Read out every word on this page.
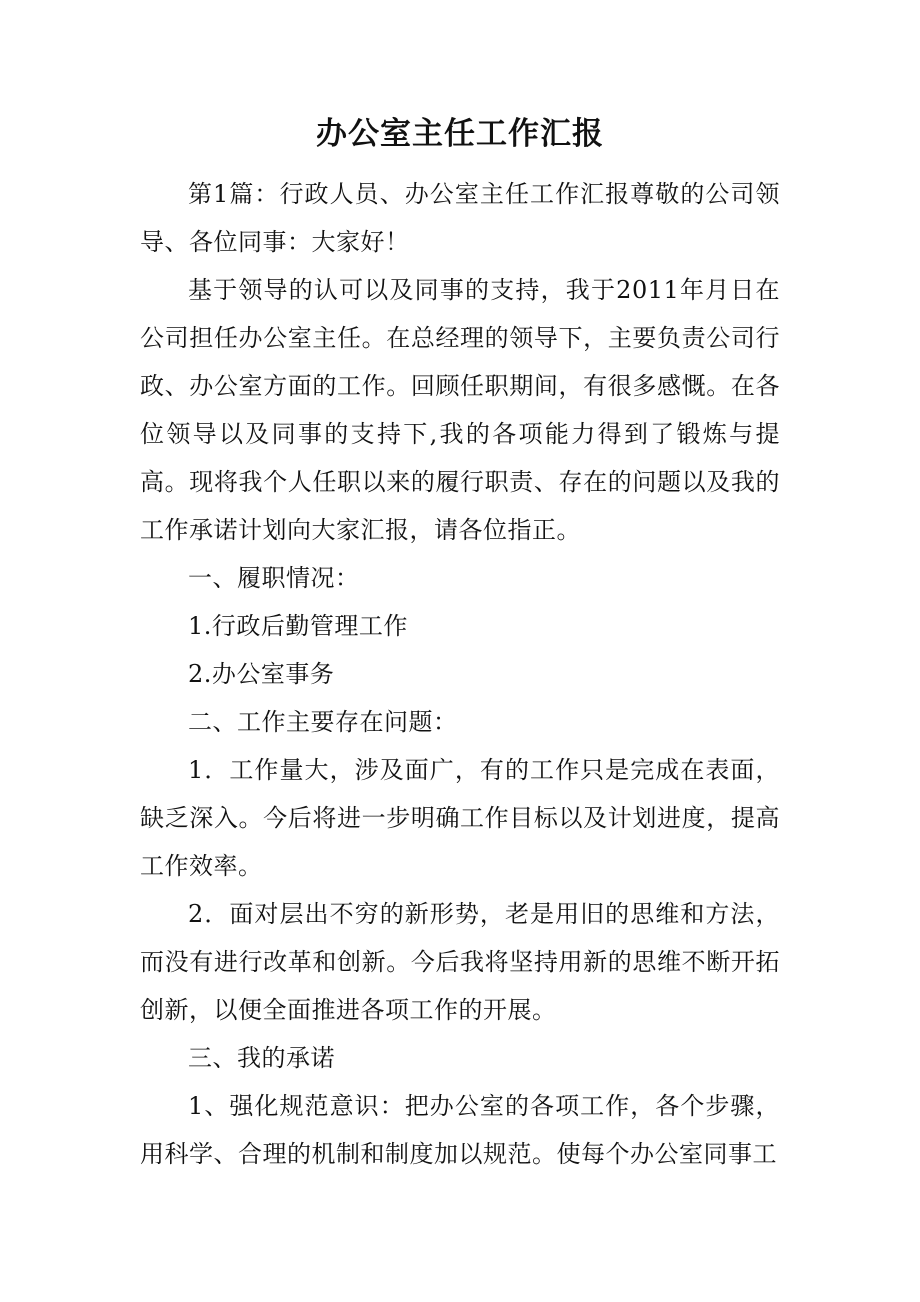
办公室主任工作汇报

第1篇：行政人员、办公室主任工作汇报尊敬的公司领导、各位同事：大家好！

基于领导的认可以及同事的支持，我于2011年月日在公司担任办公室主任。在总经理的领导下，主要负责公司行政、办公室方面的工作。回顾任职期间，有很多感慨。在各位领导以及同事的支持下,我的各项能力得到了锻炼与提高。现将我个人任职以来的履行职责、存在的问题以及我的工作承诺计划向大家汇报，请各位指正。

一、履职情况：

1.行政后勤管理工作

2.办公室事务

二、工作主要存在问题：

1．工作量大，涉及面广，有的工作只是完成在表面，缺乏深入。今后将进一步明确工作目标以及计划进度，提高工作效率。

2．面对层出不穷的新形势，老是用旧的思维和方法，而没有进行改革和创新。今后我将坚持用新的思维不断开拓创新，以便全面推进各项工作的开展。

三、我的承诺

1、强化规范意识：把办公室的各项工作，各个步骤，用科学、合理的机制和制度加以规范。使每个办公室同事工
